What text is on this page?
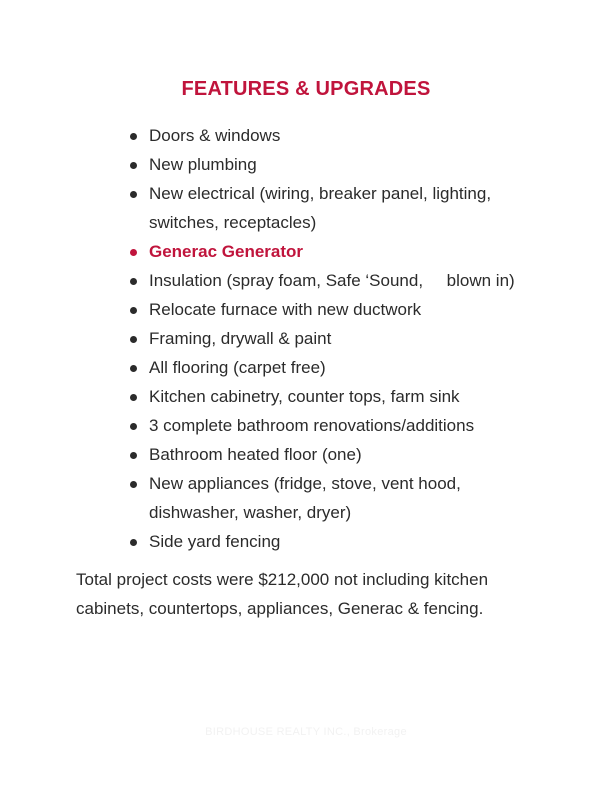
FEATURES & UPGRADES
Doors & windows
New plumbing
New electrical (wiring, breaker panel, lighting,
switches, receptacles)
Generac Generator
Insulation (spray foam, Safe ‘Sound,     blown in)
Relocate furnace with new ductwork
Framing, drywall & paint
All flooring (carpet free)
Kitchen cabinetry, counter tops, farm sink
3 complete bathroom renovations/additions
Bathroom heated floor (one)
New appliances (fridge, stove, vent hood,
dishwasher, washer, dryer)
Side yard fencing
Total project costs were $212,000 not including kitchen
cabinets, countertops, appliances, Generac & fencing.
BIRDHOUSE REALTY INC., Brokerage
